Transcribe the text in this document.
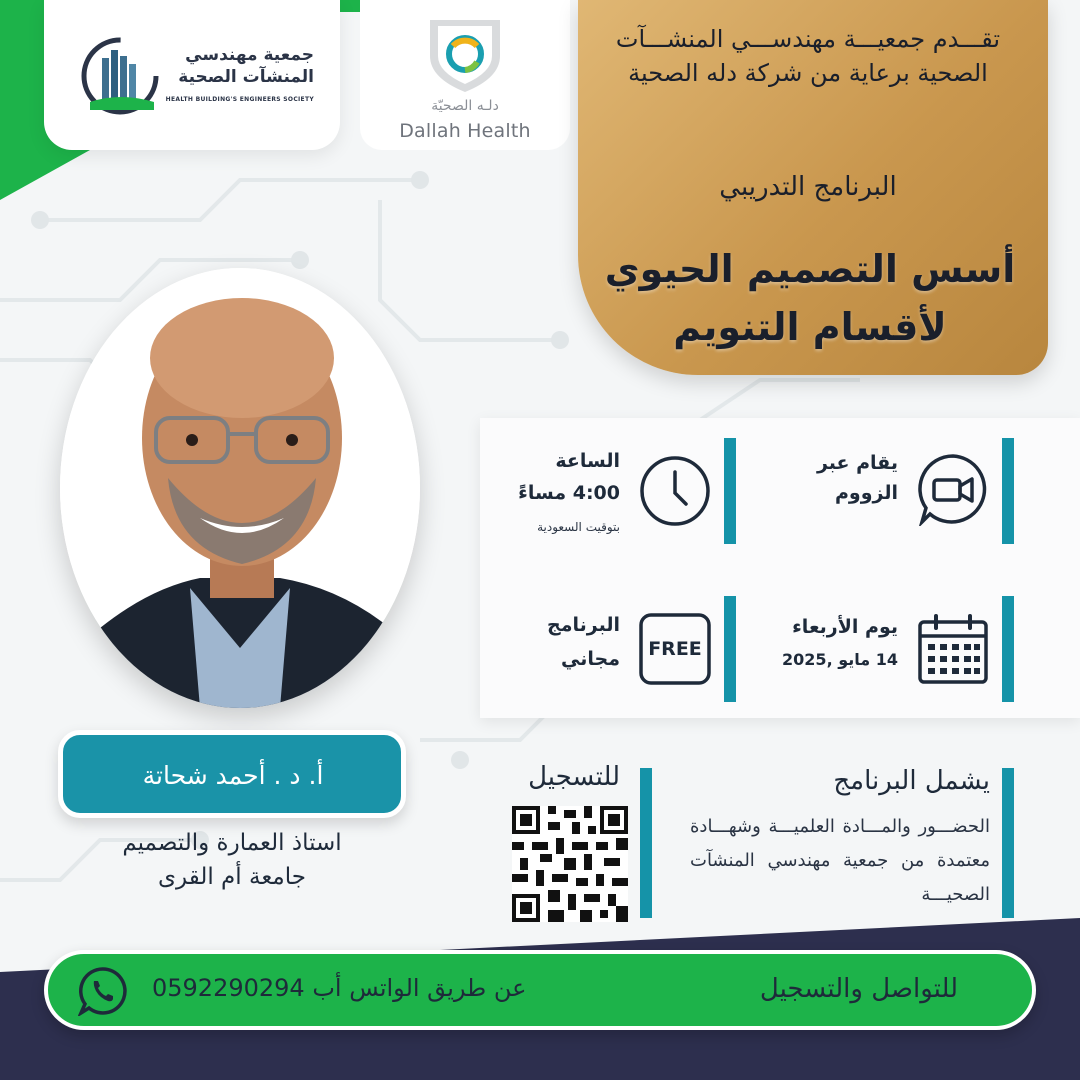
جمعية مهندسي المنشآت الصحية
HEALTH BUILDING'S ENGINEERS SOCIETY	دلـه الصحيّة
Dallah Health
تقـــدم جمعيـــة مهندســـي المنشـــآت الصحية برعاية من شركة دله الصحية
البرنامج التدريبي
أسس التصميم الحيوي
لأقسام التنويم
يقام عبر
الزووم
الساعة
4:00 مساءً
بتوقيت السعودية
يوم الأربعاء
14 مايو ,2025
FREE
البرنامج
مجاني
أ. د . أحمد شحاتة
استاذ العمارة والتصميم
جامعة أم القرى
للتسجيل	يشمل البرنامج
الحضـــور والمـــادة العلميـــة وشهـــادة معتمدة من جمعية مهندسي المنشآت الصحيـــة
عن طريق الواتس أب 0592290294	للتواصل والتسجيل
